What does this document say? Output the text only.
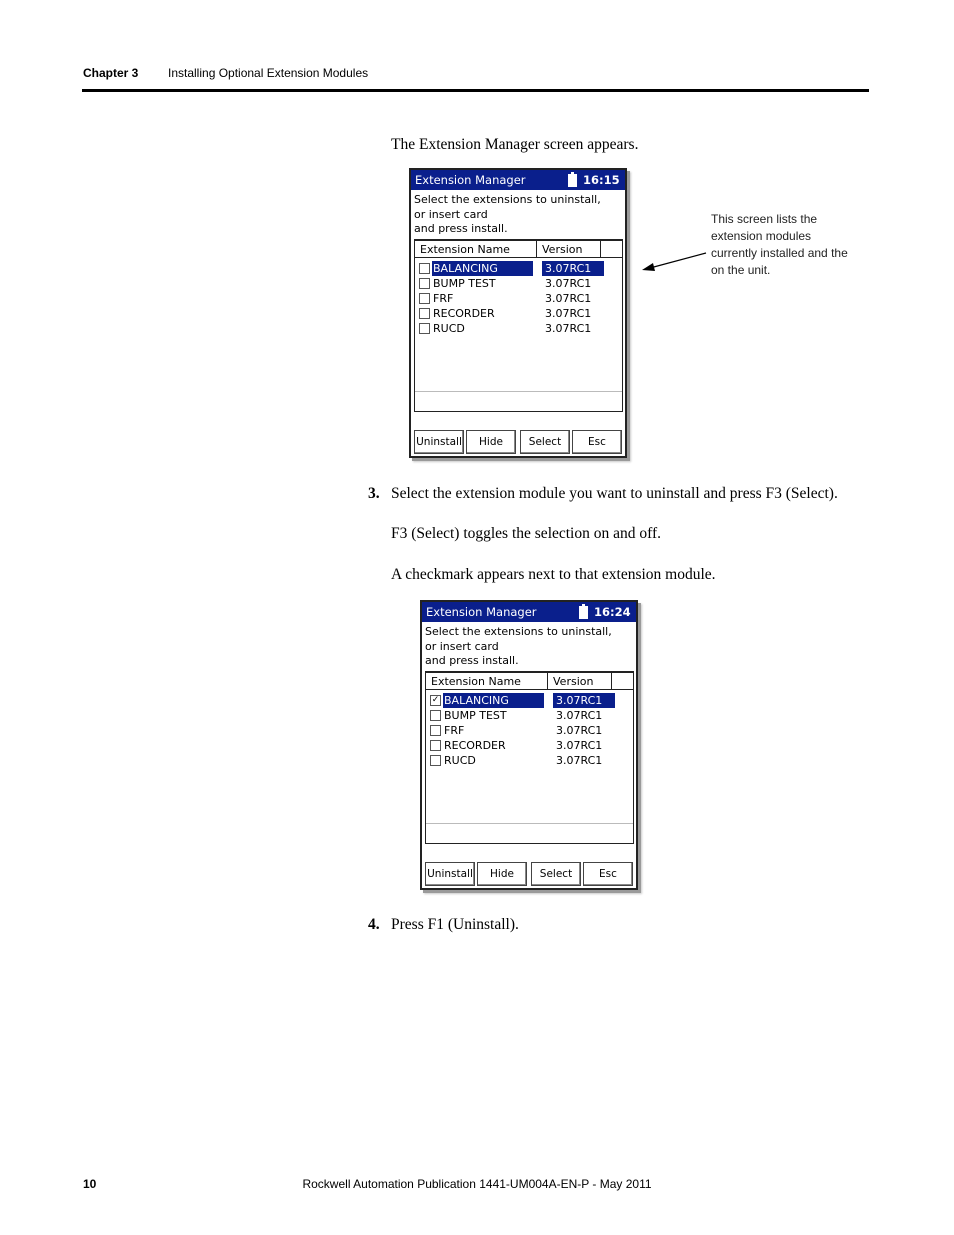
Chapter 3 Installing Optional Extension Modules
The Extension Manager screen appears.
Extension Manager	16:15
Select the extensions to uninstall,
or insert card
and press install.
Extension Name	Version
BALANCING	3.07RC1
BUMP TEST	3.07RC1
FRF	3.07RC1
RECORDER	3.07RC1
RUCD	3.07RC1
Uninstall	Hide	Select	Esc
This screen lists the extension modules currently installed and the on the unit.
3. Select the extension module you want to uninstall and press F3 (Select).
F3 (Select) toggles the selection on and off.
A checkmark appears next to that extension module.
Extension Manager	16:24
Select the extensions to uninstall,
or insert card
and press install.
Extension Name	Version
✓ BALANCING	3.07RC1
BUMP TEST	3.07RC1
FRF	3.07RC1
RECORDER	3.07RC1
RUCD	3.07RC1
Uninstall	Hide	Select	Esc
4. Press F1 (Uninstall).
10	Rockwell Automation Publication 1441-UM004A-EN-P - May 2011
